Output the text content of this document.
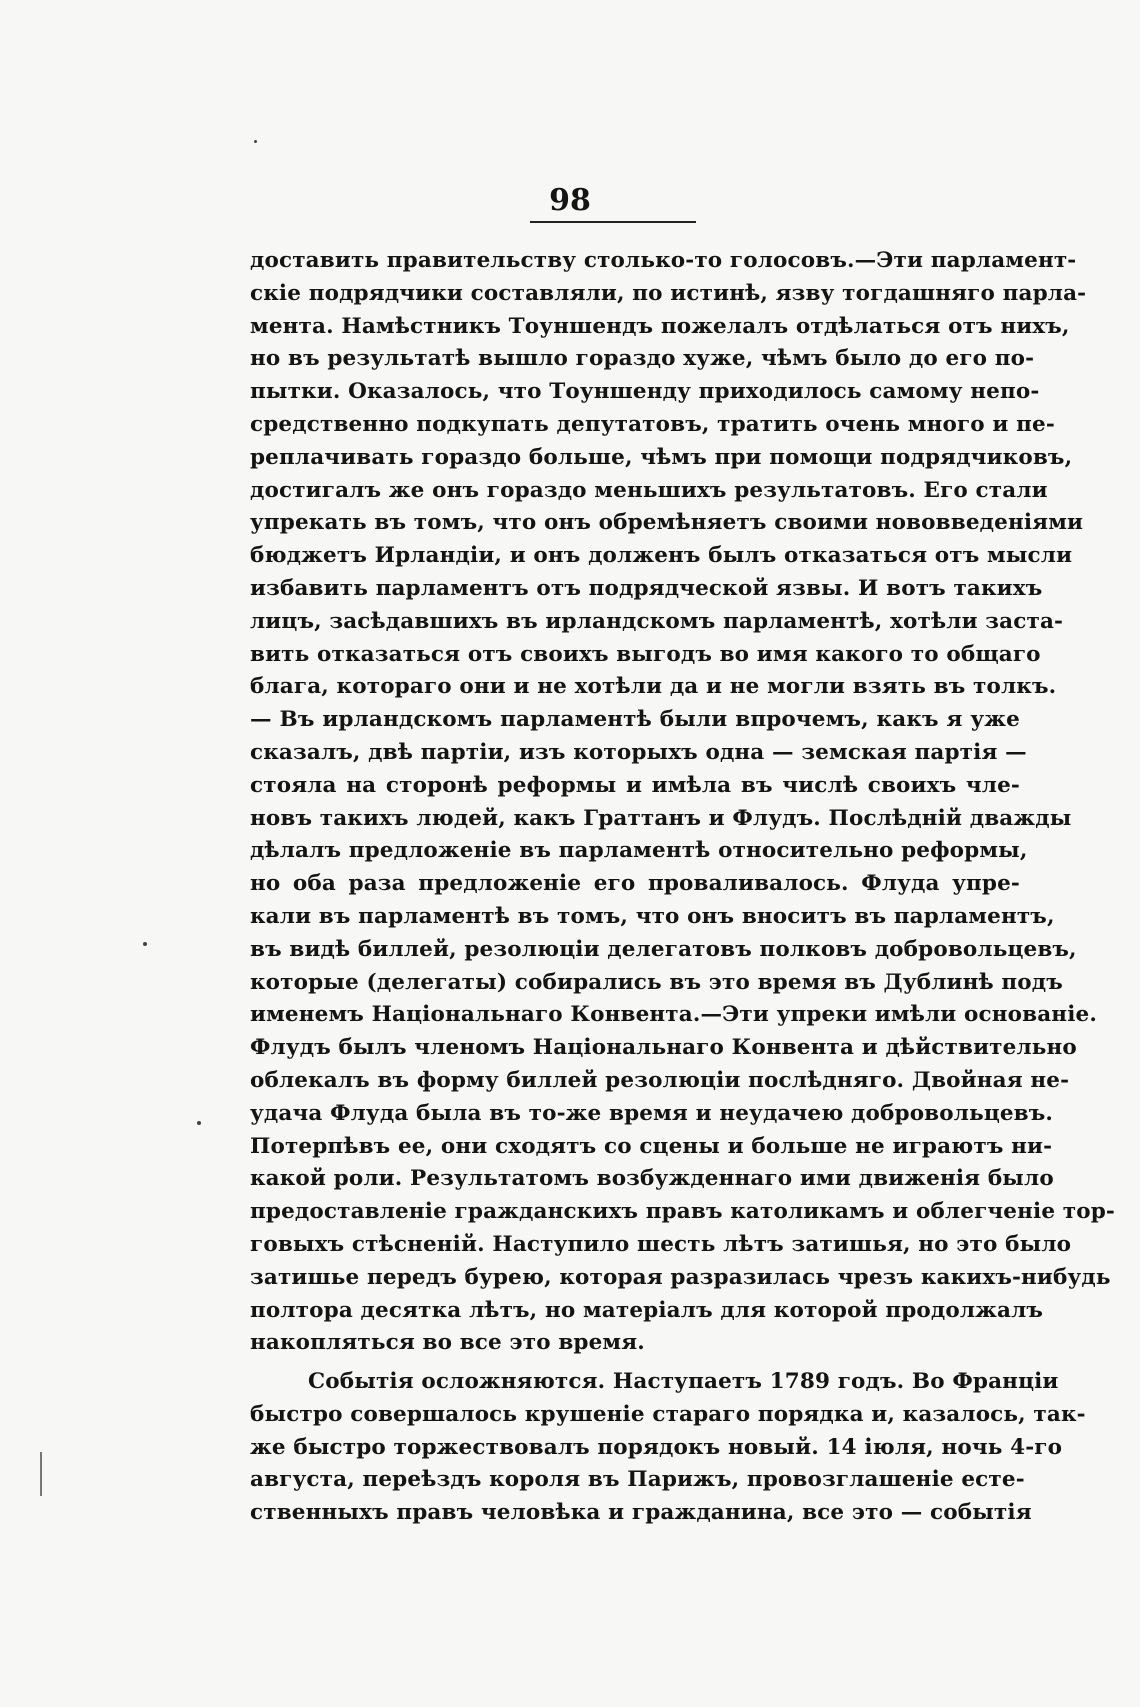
98
доставить правительству столько-то голосовъ.—Эти парламент-
скіе подрядчики составляли, по истинѣ, язву тогдашняго парла-
мента. Намѣстникъ Тоуншендъ пожелалъ отдѣлаться отъ нихъ,
но въ результатѣ вышло гораздо хуже, чѣмъ было до его по-
пытки. Оказалось, что Тоуншенду приходилось самому непо-
средственно подкупать депутатовъ, тратить очень много и пе-
реплачивать гораздо больше, чѣмъ при помощи подрядчиковъ,
достигалъ же онъ гораздо меньшихъ результатовъ. Его стали
упрекать въ томъ, что онъ обремѣняетъ своими нововведеніями
бюджетъ Ирландіи, и онъ долженъ былъ отказаться отъ мысли
избавить парламентъ отъ подрядческой язвы. И вотъ такихъ
лицъ, засѣдавшихъ въ ирландскомъ парламентѣ, хотѣли заста-
вить отказаться отъ своихъ выгодъ во имя какого то общаго
блага, котораго они и не хотѣли да и не могли взять въ толкъ.
— Въ ирландскомъ парламентѣ были впрочемъ, какъ я уже
сказалъ, двѣ партіи, изъ которыхъ одна — земская партія —
стояла на сторонѣ реформы и имѣла въ числѣ своихъ чле-
новъ такихъ людей, какъ Граттанъ и Флудъ. Послѣдній дважды
дѣлалъ предложеніе въ парламентѣ относительно реформы,
но оба раза предложеніе его проваливалось. Флуда упре-
кали въ парламентѣ въ томъ, что онъ вноситъ въ парламентъ,
въ видѣ биллей, резолюціи делегатовъ полковъ добровольцевъ,
которые (делегаты) собирались въ это время въ Дублинѣ подъ
именемъ Національнаго Конвента.—Эти упреки имѣли основаніе.
Флудъ былъ членомъ Національнаго Конвента и дѣйствительно
облекалъ въ форму биллей резолюціи послѣдняго. Двойная не-
удача Флуда была въ то-же время и неудачею добровольцевъ.
Потерпѣвъ ее, они сходятъ со сцены и больше не играютъ ни-
какой роли. Результатомъ возбужденнаго ими движенія было
предоставленіе гражданскихъ правъ католикамъ и облегченіе тор-
говыхъ стѣсненій. Наступило шесть лѣтъ затишья, но это было
затишье передъ бурею, которая разразилась чрезъ какихъ-нибудь
полтора десятка лѣтъ, но матеріалъ для которой продолжалъ
накопляться во все это время.
Событія осложняются. Наступаетъ 1789 годъ. Во Франціи
быстро совершалось крушеніе стараго порядка и, казалось, так-
же быстро торжествовалъ порядокъ новый. 14 іюля, ночь 4-го
августа, переѣздъ короля въ Парижъ, провозглашеніе есте-
ственныхъ правъ человѣка и гражданина, все это — событія
